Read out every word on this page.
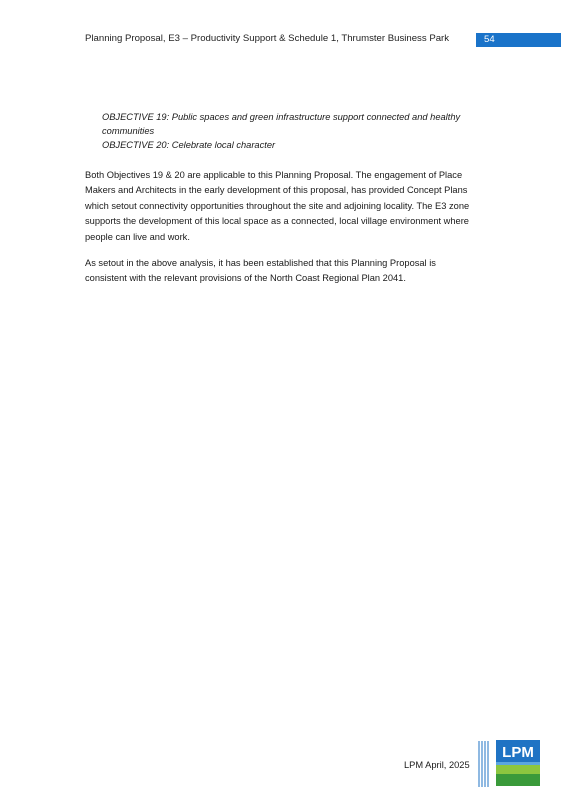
Planning Proposal, E3 – Productivity Support & Schedule 1, Thrumster Business Park	54

OBJECTIVE 19: Public spaces and green infrastructure support connected and healthy communities

OBJECTIVE 20: Celebrate local character

Both Objectives 19 & 20 are applicable to this Planning Proposal. The engagement of Place Makers and Architects in the early development of this proposal, has provided Concept Plans which setout connectivity opportunities throughout the site and adjoining locality. The E3 zone supports the development of this local space as a connected, local village environment where people can live and work.

As setout in the above analysis, it has been established that this Planning Proposal is consistent with the relevant provisions of the North Coast Regional Plan 2041.

LPM April, 2025
LPM
